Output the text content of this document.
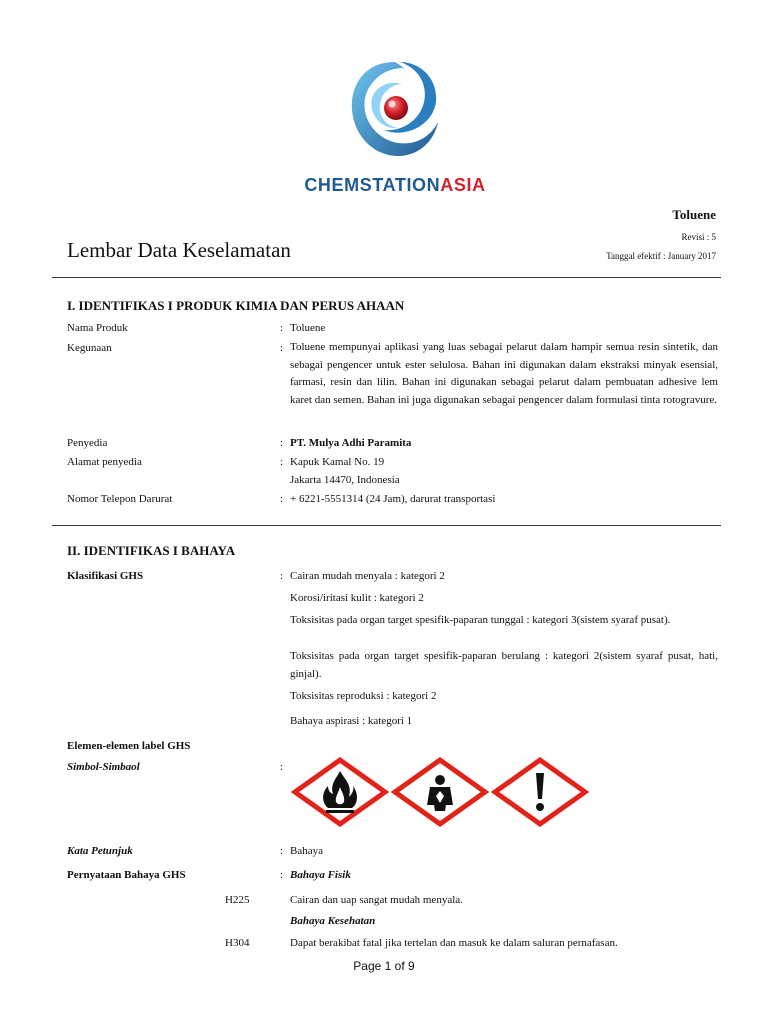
CHEMSTATIONASIA
Toluene
Lembar Data Keselamatan
Revisi : 5
Tanggal efektif : January 2017
I. IDENTIFIKAS I PRODUK KIMIA DAN PERUS AHAAN
Nama Produk	: Toluene
Kegunaan	: Toluene mempunyai aplikasi yang luas sebagai pelarut dalam hampir semua resin sintetik, dan sebagai pengencer untuk ester selulosa. Bahan ini digunakan dalam ekstraksi minyak esensial, farmasi, resin dan lilin. Bahan ini digunakan sebagai pelarut dalam pembuatan adhesive lem karet dan semen. Bahan ini juga digunakan sebagai pengencer dalam formulasi tinta rotogravure.
Penyedia	: PT. Mulya Adhi Paramita
Alamat penyedia	: Kapuk Kamal No. 19
Jakarta 14470, Indonesia
Nomor Telepon Darurat	: + 6221-5551314 (24 Jam), darurat transportasi
II. IDENTIFIKAS I BAHAYA
Klasifikasi GHS	: Cairan mudah menyala : kategori 2
Korosi/iritasi kulit : kategori 2
Toksisitas pada organ target spesifik-paparan tunggal : kategori 3(sistem syaraf pusat).
Toksisitas pada organ target spesifik-paparan berulang : kategori 2(sistem syaraf pusat, hati, ginjal).
Toksisitas reproduksi : kategori 2
Bahaya aspirasi : kategori 1
Elemen-elemen label GHS
Simbol-Simbaol	:
Kata Petunjuk	: Bahaya
Pernyataan Bahaya GHS	: Bahaya Fisik
H225	Cairan dan uap sangat mudah menyala.
Bahaya Kesehatan
H304	Dapat berakibat fatal jika tertelan dan masuk ke dalam saluran pernafasan.
Page 1 of 9
